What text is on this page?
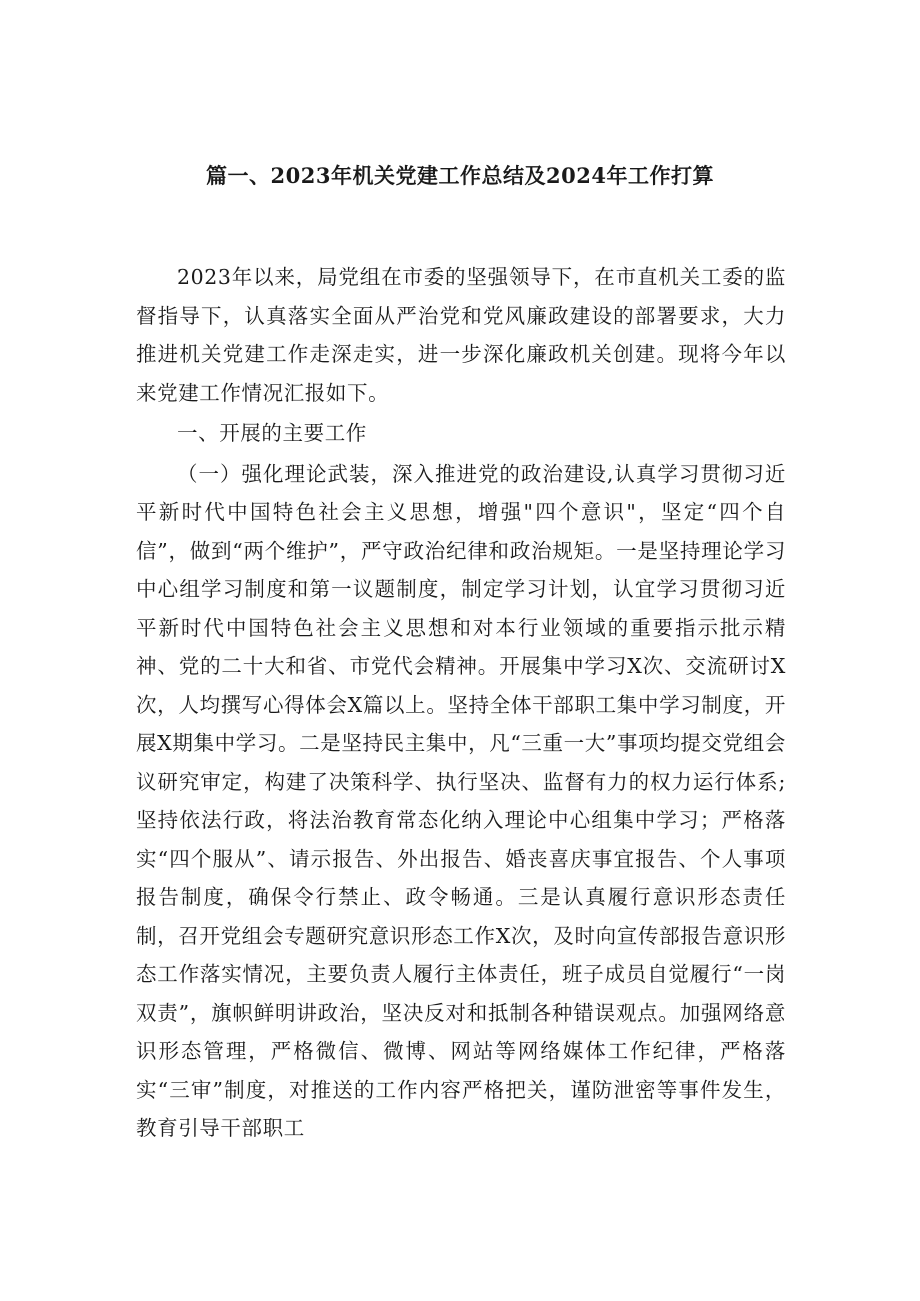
篇一、2023年机关党建工作总结及2024年工作打算

2023年以来，局党组在市委的坚强领导下，在市直机关工委的监督指导下，认真落实全面从严治党和党风廉政建设的部署要求，大力推进机关党建工作走深走实，进一步深化廉政机关创建。现将今年以来党建工作情况汇报如下。

一、开展的主要工作

（一）强化理论武装，深入推进党的政治建设,认真学习贯彻习近平新时代中国特色社会主义思想，增强"四个意识"，坚定“四个自信”，做到“两个维护”，严守政治纪律和政治规矩。一是坚持理论学习中心组学习制度和第一议题制度，制定学习计划，认宜学习贯彻习近平新时代中国特色社会主义思想和对本行业领域的重要指示批示精神、党的二十大和省、市党代会精神。开展集中学习X次、交流研讨X次，人均撰写心得体会X篇以上。坚持全体干部职工集中学习制度，开展X期集中学习。二是坚持民主集中，凡“三重一大”事项均提交党组会议研究审定，构建了决策科学、执行坚决、监督有力的权力运行体系;坚持依法行政，将法治教育常态化纳入理论中心组集中学习；严格落实“四个服从”、请示报告、外出报告、婚丧喜庆事宜报告、个人事项报告制度，确保令行禁止、政令畅通。三是认真履行意识形态责任制，召开党组会专题研究意识形态工作X次，及时向宣传部报告意识形态工作落实情况，主要负责人履行主体责任，班子成员自觉履行“一岗双责”，旗帜鲜明讲政治，坚决反对和抵制各种错误观点。加强网络意识形态管理，严格微信、微博、网站等网络媒体工作纪律，严格落实“三审”制度，对推送的工作内容严格把关，谨防泄密等事件发生，教育引导干部职工
